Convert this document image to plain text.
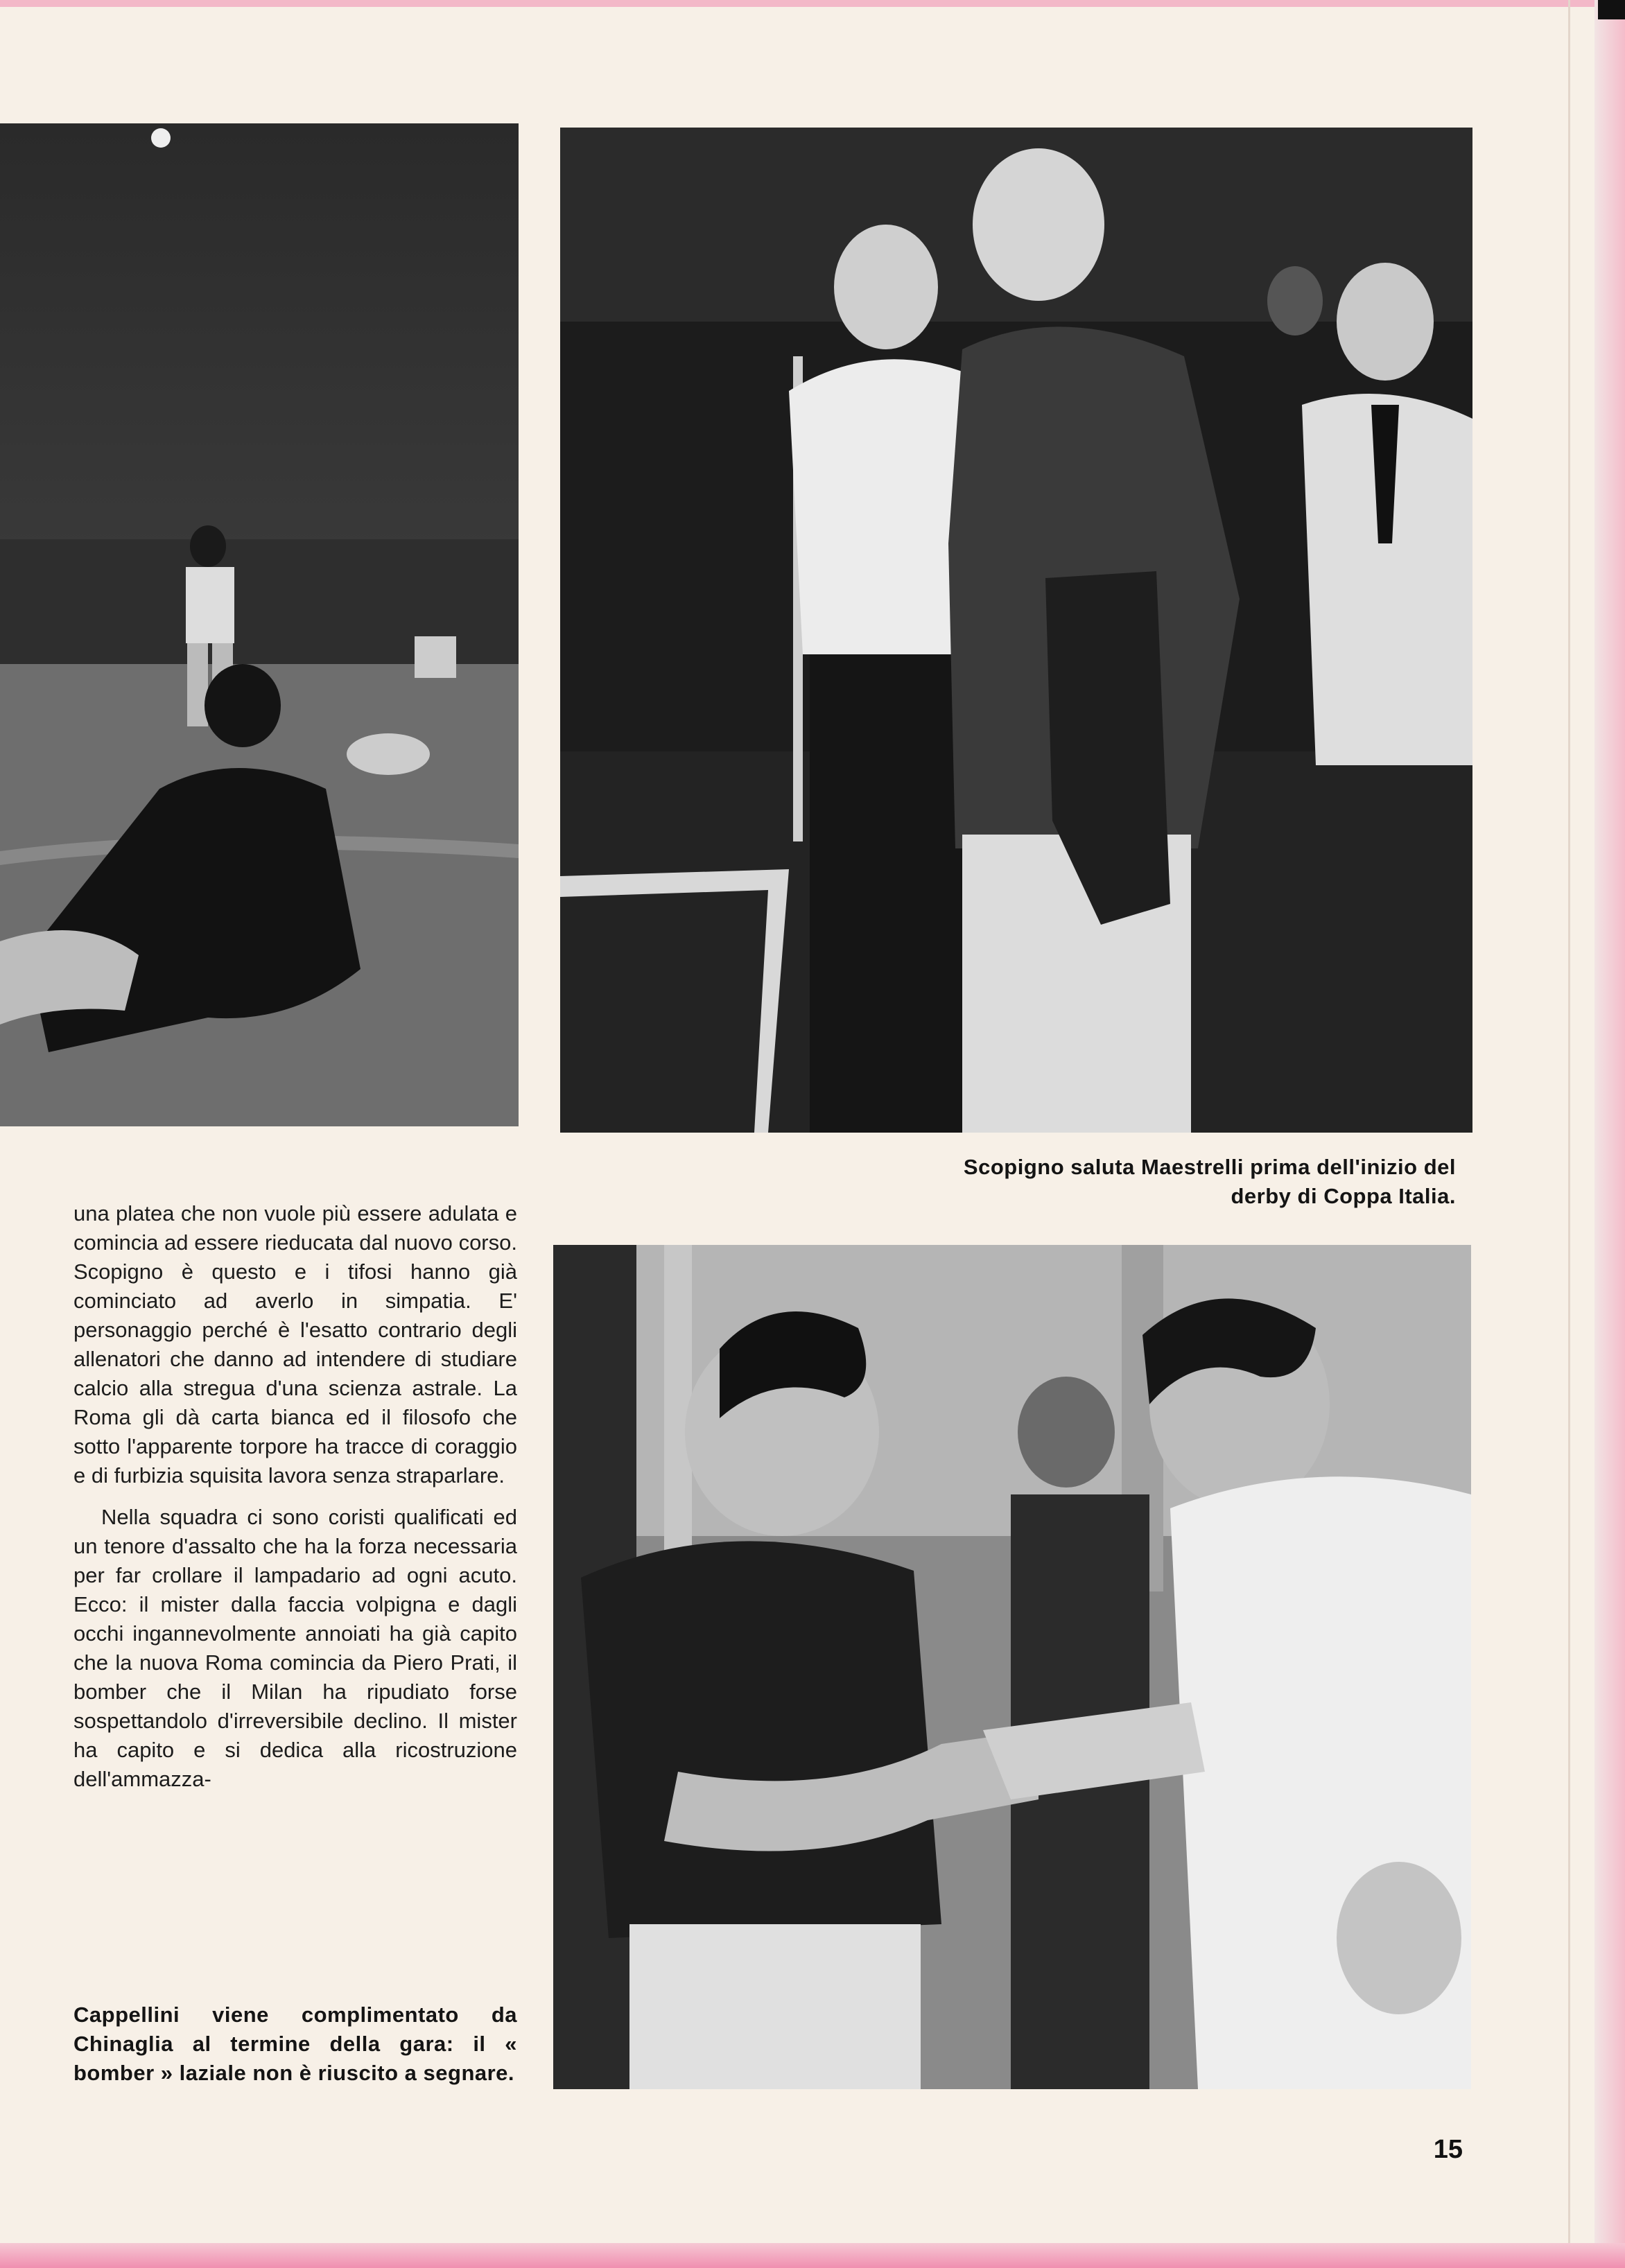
Scopigno saluta Maestrelli prima dell'inizio del derby di Coppa Italia.

una platea che non vuole più essere adulata e comincia ad essere rieducata dal nuovo corso. Scopigno è questo e i tifosi hanno già cominciato ad averlo in simpatia. E' personaggio perché è l'esatto contrario degli allenatori che danno ad intendere di studiare calcio alla stregua d'una scienza astrale. La Roma gli dà carta bianca ed il filosofo che sotto l'apparente torpore ha tracce di coraggio e di furbizia squisita lavora senza straparlare.

Nella squadra ci sono coristi qualificati ed un tenore d'assalto che ha la forza necessaria per far crollare il lampadario ad ogni acuto. Ecco: il mister dalla faccia volpigna e dagli occhi ingannevolmente annoiati ha già capito che la nuova Roma comincia da Piero Prati, il bomber che il Milan ha ripudiato forse sospettandolo d'irreversibile declino. Il mister ha capito e si dedica alla ricostruzione dell'ammazza-

Cappellini viene complimentato da Chinaglia al termine della gara: il « bomber » laziale non è riuscito a segnare.
15
